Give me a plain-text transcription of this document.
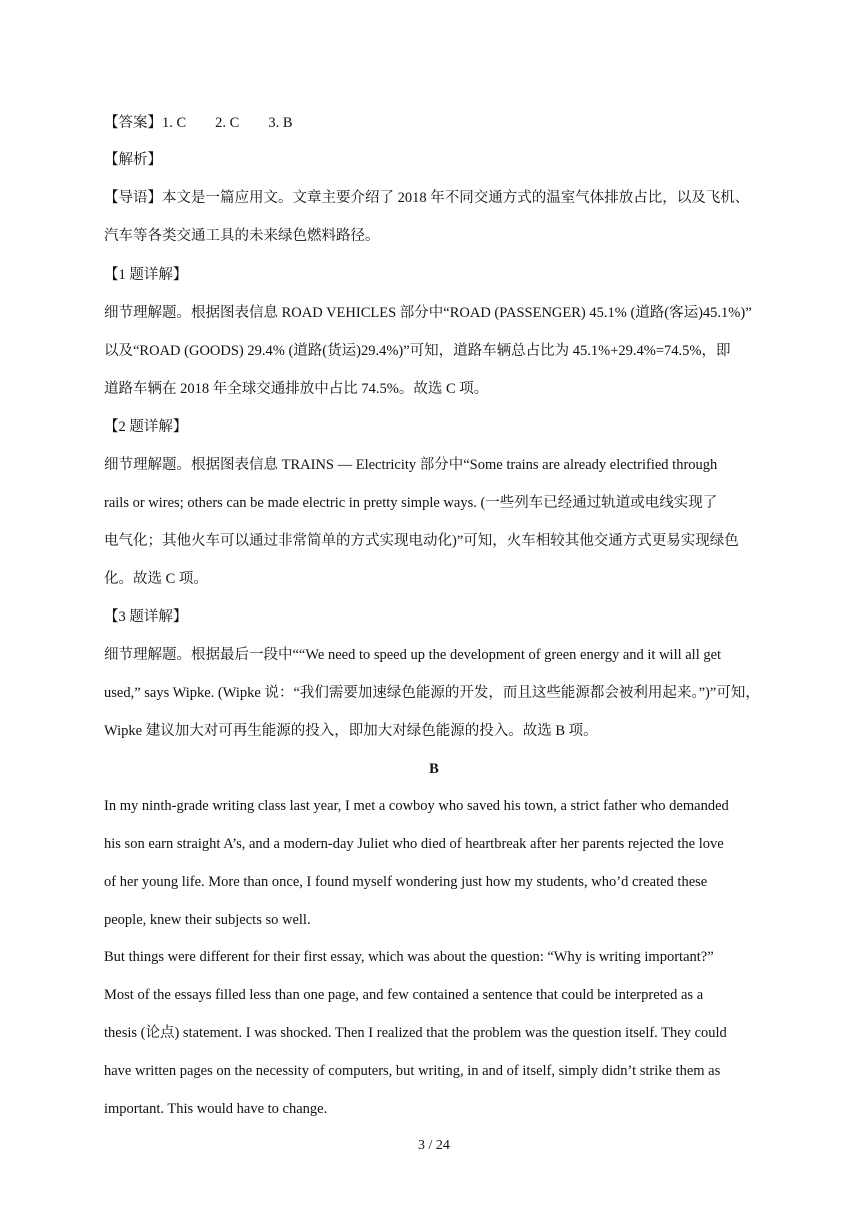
【答案】1. C　　2. C　　3. B
【解析】
【导语】本文是一篇应用文。文章主要介绍了 2018 年不同交通方式的温室气体排放占比，以及飞机、
汽车等各类交通工具的未来绿色燃料路径。
【1 题详解】
细节理解题。根据图表信息 ROAD VEHICLES 部分中“ROAD (PASSENGER) 45.1% (道路(客运)45.1%)”
以及“ROAD (GOODS) 29.4% (道路(货运)29.4%)”可知，道路车辆总占比为 45.1%+29.4%=74.5%，即
道路车辆在 2018 年全球交通排放中占比 74.5%。故选 C 项。
【2 题详解】
细节理解题。根据图表信息 TRAINS — Electricity 部分中“Some trains are already electrified through
rails or wires; others can be made electric in pretty simple ways. (一些列车已经通过轨道或电线实现了
电气化；其他火车可以通过非常简单的方式实现电动化)”可知，火车相较其他交通方式更易实现绿色
化。故选 C 项。
【3 题详解】
细节理解题。根据最后一段中““We need to speed up the development of green energy and it will all get
used,” says Wipke. (Wipke 说：“我们需要加速绿色能源的开发，而且这些能源都会被利用起来。”)”可知，
Wipke 建议加大对可再生能源的投入，即加大对绿色能源的投入。故选 B 项。
B
In my ninth-grade writing class last year, I met a cowboy who saved his town, a strict father who demanded
his son earn straight A’s, and a modern-day Juliet who died of heartbreak after her parents rejected the love
of her young life. More than once, I found myself wondering just how my students, who’d created these
people, knew their subjects so well.
But things were different for their first essay, which was about the question: “Why is writing important?”
Most of the essays filled less than one page, and few contained a sentence that could be interpreted as a
thesis (论点) statement. I was shocked. Then I realized that the problem was the question itself. They could
have written pages on the necessity of computers, but writing, in and of itself, simply didn’t strike them as
important. This would have to change.
3 / 24
